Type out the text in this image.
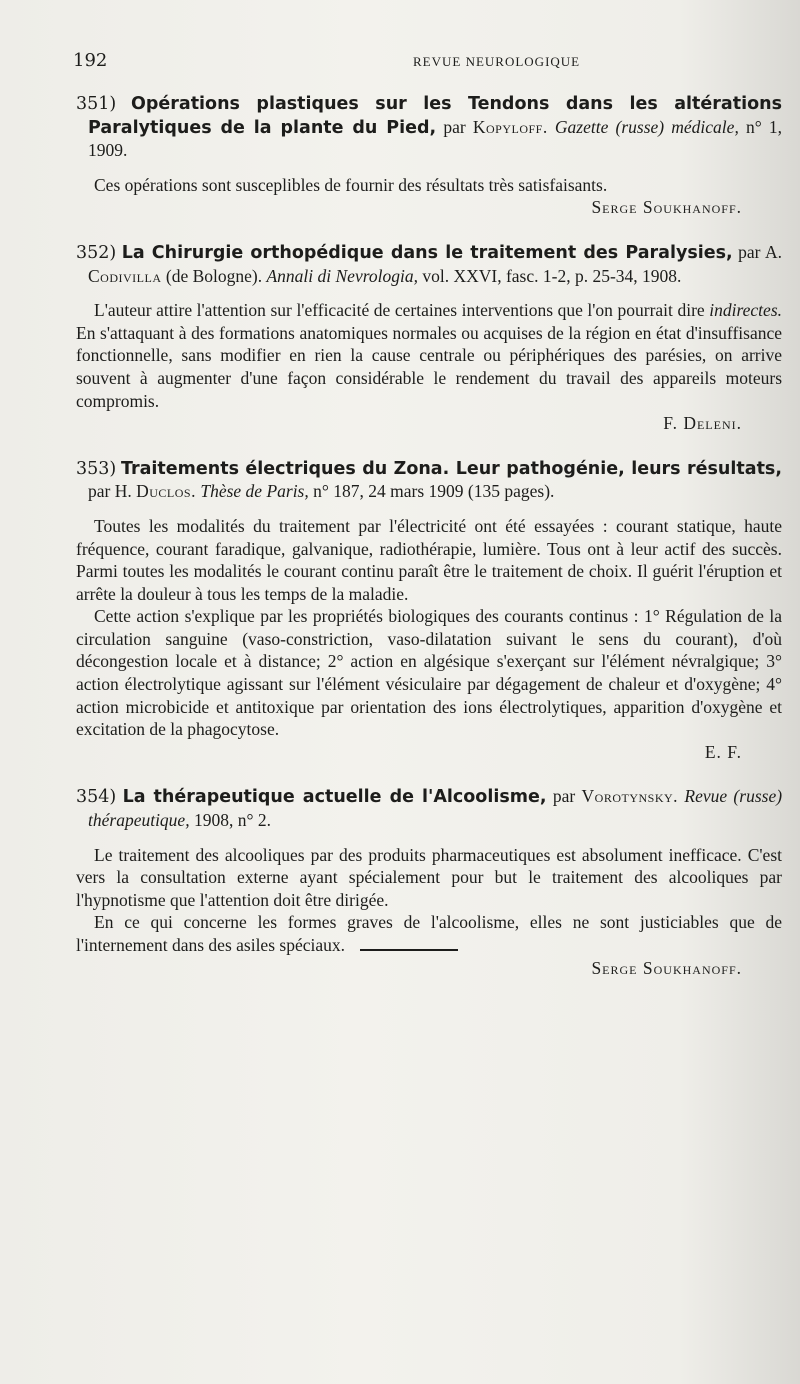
192	REVUE NEUROLOGIQUE

351) Opérations plastiques sur les Tendons dans les altérations Paralytiques de la plante du Pied, par Kopyloff. Gazette (russe) médicale, n° 1, 1909.

Ces opérations sont susceplibles de fournir des résultats très satisfaisants.

Serge Soukhanoff.

352) La Chirurgie orthopédique dans le traitement des Paralysies, par A. Codivilla (de Bologne). Annali di Nevrologia, vol. XXVI, fasc. 1-2, p. 25-34, 1908.

L'auteur attire l'attention sur l'efficacité de certaines interventions que l'on pourrait dire indirectes. En s'attaquant à des formations anatomiques normales ou acquises de la région en état d'insuffisance fonctionnelle, sans modifier en rien la cause centrale ou périphériques des parésies, on arrive souvent à augmenter d'une façon considérable le rendement du travail des appareils moteurs compromis.

F. Deleni.

353) Traitements électriques du Zona. Leur pathogénie, leurs résultats, par H. Duclos. Thèse de Paris, n° 187, 24 mars 1909 (135 pages).

Toutes les modalités du traitement par l'électricité ont été essayées : courant statique, haute fréquence, courant faradique, galvanique, radiothérapie, lumière. Tous ont à leur actif des succès. Parmi toutes les modalités le courant continu paraît être le traitement de choix. Il guérit l'éruption et arrête la douleur à tous les temps de la maladie.

Cette action s'explique par les propriétés biologiques des courants continus : 1° Régulation de la circulation sanguine (vaso-constriction, vaso-dilatation suivant le sens du courant), d'où décongestion locale et à distance; 2° action en algésique s'exerçant sur l'élément névralgique; 3° action électrolytique agissant sur l'élément vésiculaire par dégagement de chaleur et d'oxygène; 4° action microbicide et antitoxique par orientation des ions électrolytiques, apparition d'oxygène et excitation de la phagocytose.

E. F.

354) La thérapeutique actuelle de l'Alcoolisme, par Vorotynsky. Revue (russe) thérapeutique, 1908, n° 2.

Le traitement des alcooliques par des produits pharmaceutiques est absolument inefficace. C'est vers la consultation externe ayant spécialement pour but le traitement des alcooliques par l'hypnotisme que l'attention doit être dirigée.

En ce qui concerne les formes graves de l'alcoolisme, elles ne sont justiciables que de l'internement dans des asiles spéciaux.

Serge Soukhanoff.
